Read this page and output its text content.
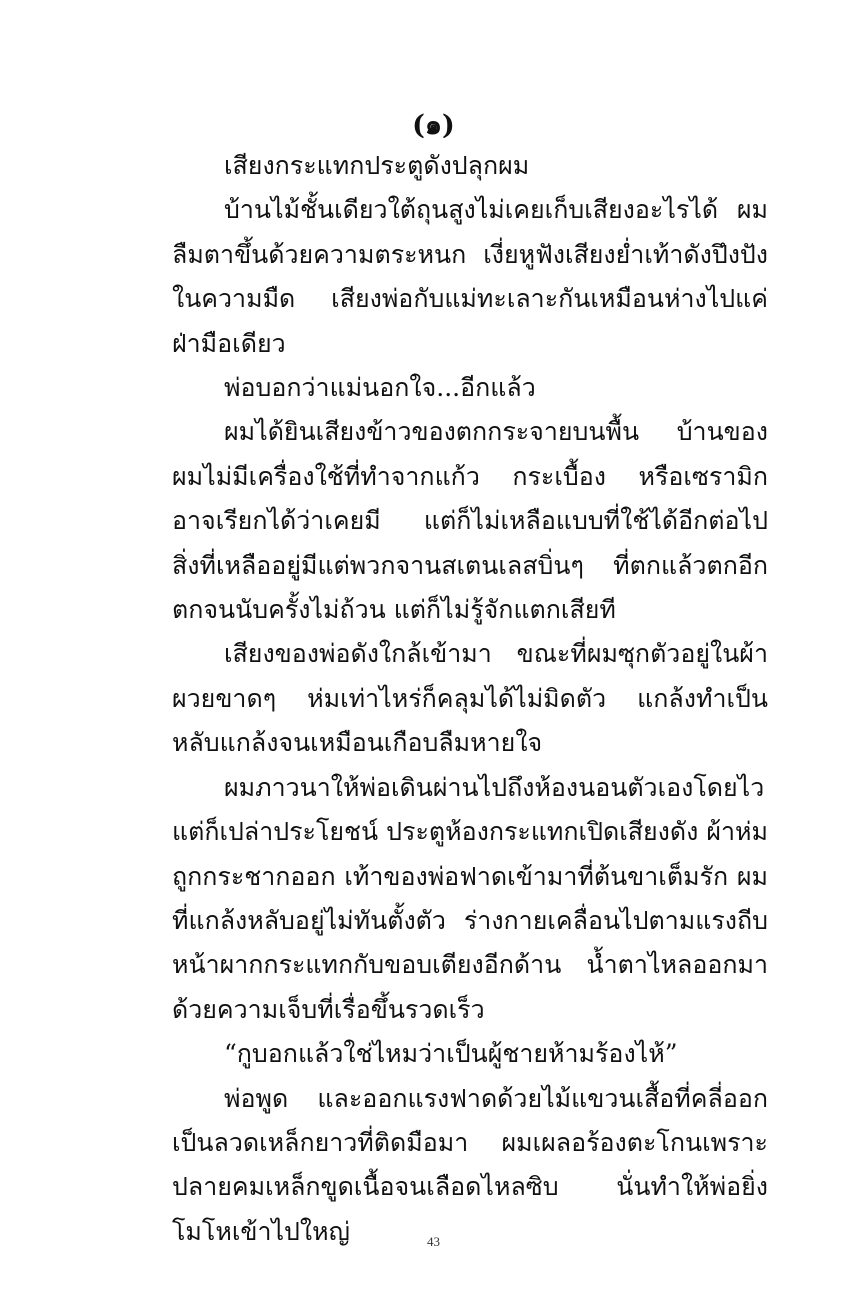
(๑)

เสียงกระแทกประตูดังปลุกผม

บ้านไม้ชั้นเดียวใต้ถุนสูงไม่เคยเก็บเสียงอะไรได้ ผมลืมตาขึ้นด้วยความตระหนก เงี่ยหูฟังเสียงย่ำเท้าดังปึงปังในความมืด เสียงพ่อกับแม่ทะเลาะกันเหมือนห่างไปแค่ฝ่ามือเดียว

พ่อบอกว่าแม่นอกใจ...อีกแล้ว

ผมได้ยินเสียงข้าวของตกกระจายบนพื้น บ้านของผมไม่มีเครื่องใช้ที่ทำจากแก้ว กระเบื้อง หรือเซรามิก อาจเรียกได้ว่าเคยมี แต่ก็ไม่เหลือแบบที่ใช้ได้อีกต่อไป สิ่งที่เหลืออยู่มีแต่พวกจานสเตนเลสบิ่นๆ ที่ตกแล้วตกอีก ตกจนนับครั้งไม่ถ้วน แต่ก็ไม่รู้จักแตกเสียที

เสียงของพ่อดังใกล้เข้ามา ขณะที่ผมซุกตัวอยู่ในผ้าผวยขาดๆ ห่มเท่าไหร่ก็คลุมได้ไม่มิดตัว แกล้งทำเป็นหลับแกล้งจนเหมือนเกือบลืมหายใจ

ผมภาวนาให้พ่อเดินผ่านไปถึงห้องนอนตัวเองโดยไว แต่ก็เปล่าประโยชน์ ประตูห้องกระแทกเปิดเสียงดัง ผ้าห่มถูกกระชากออก เท้าของพ่อฟาดเข้ามาที่ต้นขาเต็มรัก ผมที่แกล้งหลับอยู่ไม่ทันตั้งตัว ร่างกายเคลื่อนไปตามแรงถีบ หน้าผากกระแทกกับขอบเตียงอีกด้าน น้ำตาไหลออกมาด้วยความเจ็บที่เรื่อขึ้นรวดเร็ว

“กูบอกแล้วใช่ไหมว่าเป็นผู้ชายห้ามร้องไห้”

พ่อพูด และออกแรงฟาดด้วยไม้แขวนเสื้อที่คลี่ออกเป็นลวดเหล็กยาวที่ติดมือมา ผมเผลอร้องตะโกนเพราะปลายคมเหล็กขูดเนื้อจนเลือดไหลซิบ นั่นทำให้พ่อยิ่งโมโหเข้าไปใหญ่	43
